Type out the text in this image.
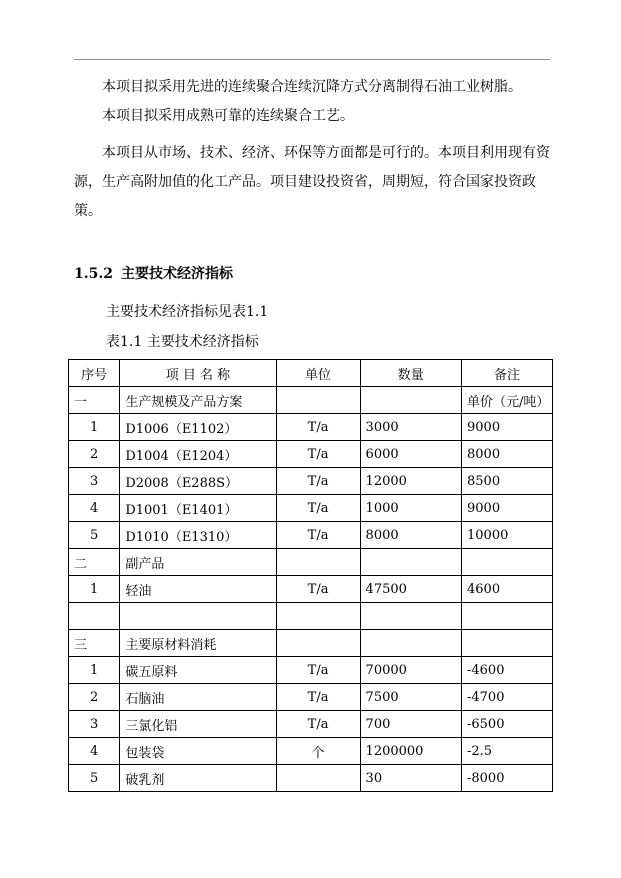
本项目拟采用先进的连续聚合连续沉降方式分离制得石油工业树脂。

本项目拟采用成熟可靠的连续聚合工艺。

本项目从市场、技术、经济、环保等方面都是可行的。本项目利用现有资源，生产高附加值的化工产品。项目建设投资省，周期短，符合国家投资政策。

1.5.2 主要技术经济指标

主要技术经济指标见表1.1

表1.1 主要技术经济指标

序号	项 目 名 称	单位	数量	备注
一	生产规模及产品方案			单价（元/吨）
1	D1006（E1102）	T/a	3000	9000
2	D1004（E1204）	T/a	6000	8000
3	D2008（E288S）	T/a	12000	8500
4	D1001（E1401）	T/a	1000	9000
5	D1010（E1310）	T/a	8000	10000
二	副产品			
1	轻油	T/a	47500	4600

三	主要原材料消耗			
1	碳五原料	T/a	70000	-4600
2	石脑油	T/a	7500	-4700
3	三氯化铝	T/a	700	-6500
4	包装袋	个	1200000	-2.5
5	破乳剂		30	-8000
